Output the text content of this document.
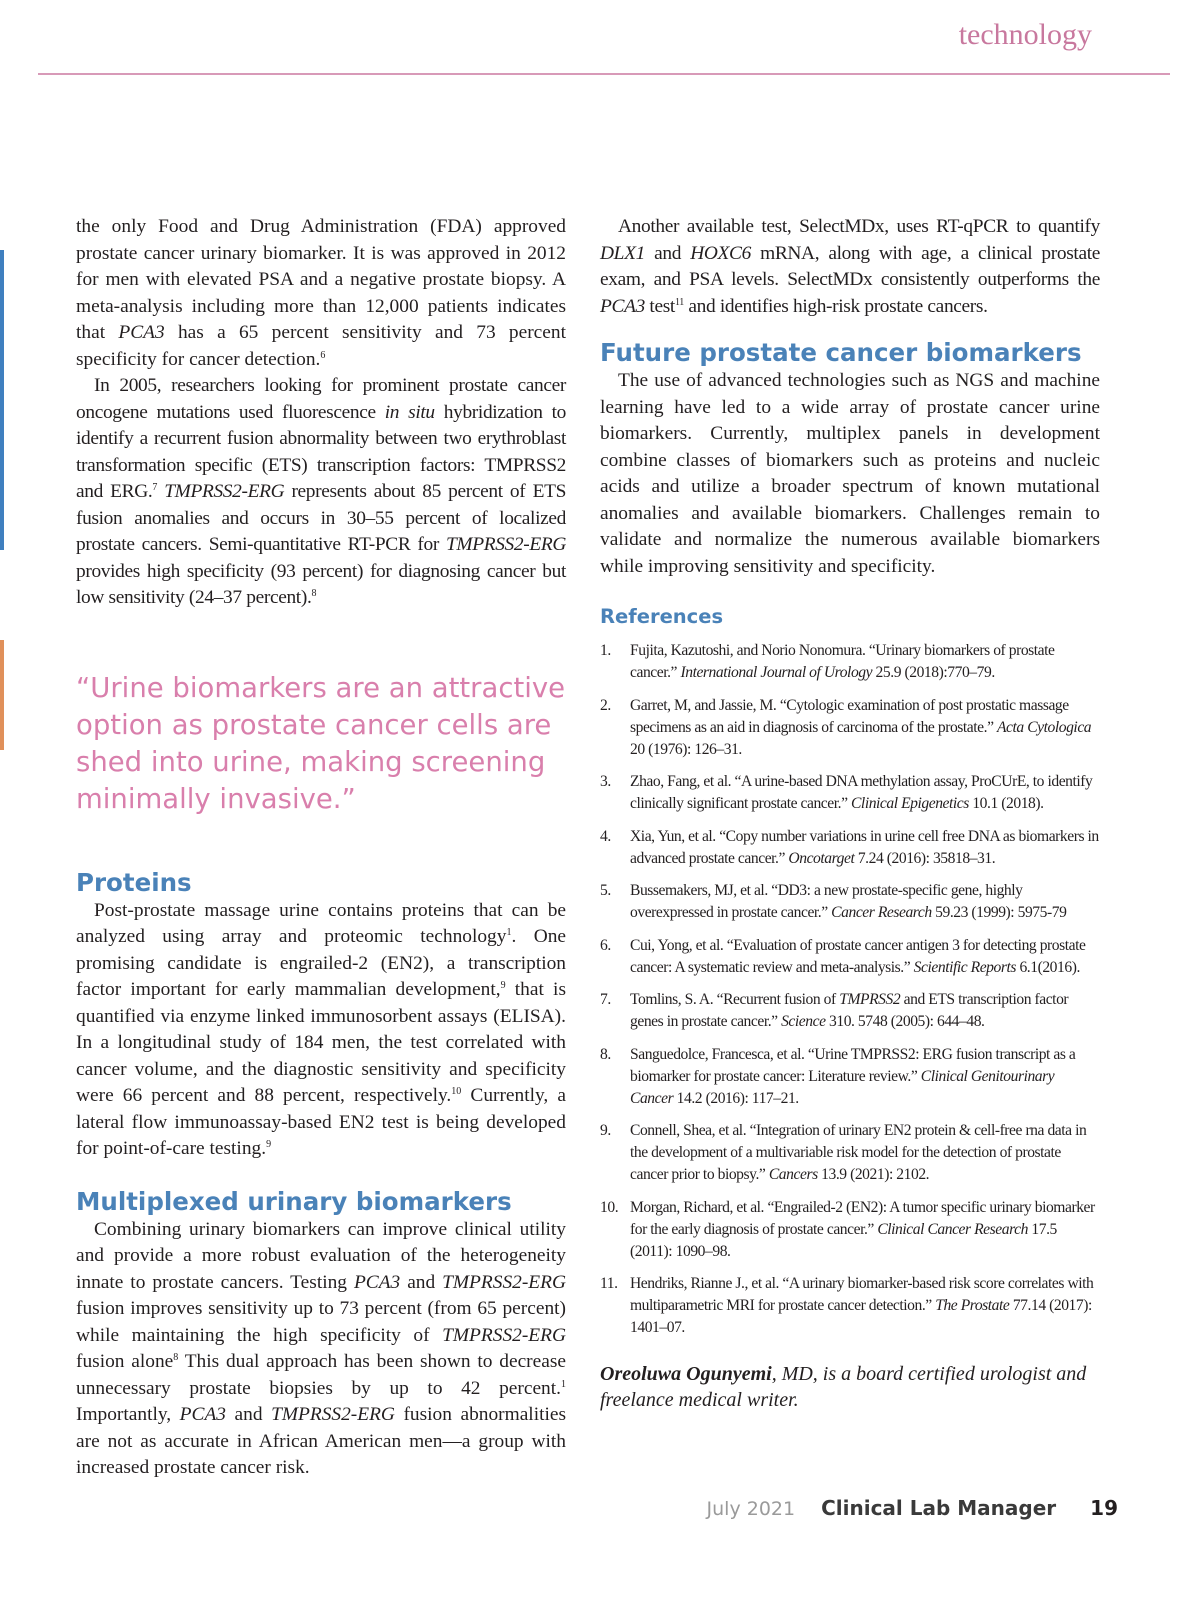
technology

the only Food and Drug Administration (FDA) approved prostate cancer urinary biomarker. It is was approved in 2012 for men with elevated PSA and a negative prostate biopsy. A meta-analysis including more than 12,000 patients indicates that PCA3 has a 65 percent sensitivity and 73 percent specificity for cancer detection.$^6$

In 2005, researchers looking for prominent prostate cancer oncogene mutations used fluorescence in situ hybridization to identify a recurrent fusion abnormality between two erythroblast transformation specific (ETS) transcription factors: TMPRSS2 and ERG.$^7$ TMPRSS2-ERG represents about 85 percent of ETS fusion anomalies and occurs in 30–55 percent of localized prostate cancers. Semi-quantitative RT-PCR for TMPRSS2-ERG provides high specificity (93 percent) for diagnosing cancer but low sensitivity (24–37 percent).$^8$

“Urine biomarkers are an attractive option as prostate cancer cells are shed into urine, making screening minimally invasive.”

Proteins

Post-prostate massage urine contains proteins that can be analyzed using array and proteomic technology$^1$. One promising candidate is engrailed-2 (EN2), a transcription factor important for early mammalian development,$^9$ that is quantified via enzyme linked immunosorbent assays (ELISA). In a longitudinal study of 184 men, the test correlated with cancer volume, and the diagnostic sensitivity and specificity were 66 percent and 88 percent, respectively.$^{10}$ Currently, a lateral flow immunoassay-based EN2 test is being developed for point-of-care testing.$^9$

Multiplexed urinary biomarkers

Combining urinary biomarkers can improve clinical utility and provide a more robust evaluation of the heterogeneity innate to prostate cancers. Testing PCA3 and TMPRSS2-ERG fusion improves sensitivity up to 73 percent (from 65 percent) while maintaining the high specificity of TMPRSS2-ERG fusion alone$^8$ This dual approach has been shown to decrease unnecessary prostate biopsies by up to 42 percent.$^1$ Importantly, PCA3 and TMPRSS2-ERG fusion abnormalities are not as accurate in African American men—a group with increased prostate cancer risk.

Another available test, SelectMDx, uses RT-qPCR to quantify DLX1 and HOXC6 mRNA, along with age, a clinical prostate exam, and PSA levels. SelectMDx consistently outperforms the PCA3 test$^{11}$ and identifies high-risk prostate cancers.

Future prostate cancer biomarkers

The use of advanced technologies such as NGS and machine learning have led to a wide array of prostate cancer urine biomarkers. Currently, multiplex panels in development combine classes of biomarkers such as proteins and nucleic acids and utilize a broader spectrum of known mutational anomalies and available biomarkers. Challenges remain to validate and normalize the numerous available biomarkers while improving sensitivity and specificity.

References
1. Fujita, Kazutoshi, and Norio Nonomura. “Urinary biomarkers of prostate cancer.” International Journal of Urology 25.9 (2018):770–79.
2. Garret, M, and Jassie, M. “Cytologic examination of post prostatic massage specimens as an aid in diagnosis of carcinoma of the prostate.” Acta Cytologica 20 (1976): 126–31.
3. Zhao, Fang, et al. “A urine-based DNA methylation assay, ProCUrE, to identify clinically significant prostate cancer.” Clinical Epigenetics 10.1 (2018).
4. Xia, Yun, et al. “Copy number variations in urine cell free DNA as biomarkers in advanced prostate cancer.” Oncotarget 7.24 (2016): 35818–31.
5. Bussemakers, MJ, et al. “DD3: a new prostate-specific gene, highly overexpressed in prostate cancer.” Cancer Research 59.23 (1999): 5975-79
6. Cui, Yong, et al. “Evaluation of prostate cancer antigen 3 for detecting prostate cancer: A systematic review and meta-analysis.” Scientific Reports 6.1(2016).
7. Tomlins, S. A. “Recurrent fusion of TMPRSS2 and ETS transcription factor genes in prostate cancer.” Science 310. 5748 (2005): 644–48.
8. Sanguedolce, Francesca, et al. “Urine TMPRSS2: ERG fusion transcript as a biomarker for prostate cancer: Literature review.” Clinical Genitourinary Cancer 14.2 (2016): 117–21.
9. Connell, Shea, et al. “Integration of urinary EN2 protein & cell-free rna data in the development of a multivariable risk model for the detection of prostate cancer prior to biopsy.” Cancers 13.9 (2021): 2102.
10. Morgan, Richard, et al. “Engrailed-2 (EN2): A tumor specific urinary biomarker for the early diagnosis of prostate cancer.” Clinical Cancer Research 17.5 (2011): 1090–98.
11. Hendriks, Rianne J., et al. “A urinary biomarker-based risk score correlates with multiparametric MRI for prostate cancer detection.” The Prostate 77.14 (2017): 1401–07.
Oreoluwa Ogunyemi, MD, is a board certified urologist and freelance medical writer.
July 2021 Clinical Lab Manager 19
